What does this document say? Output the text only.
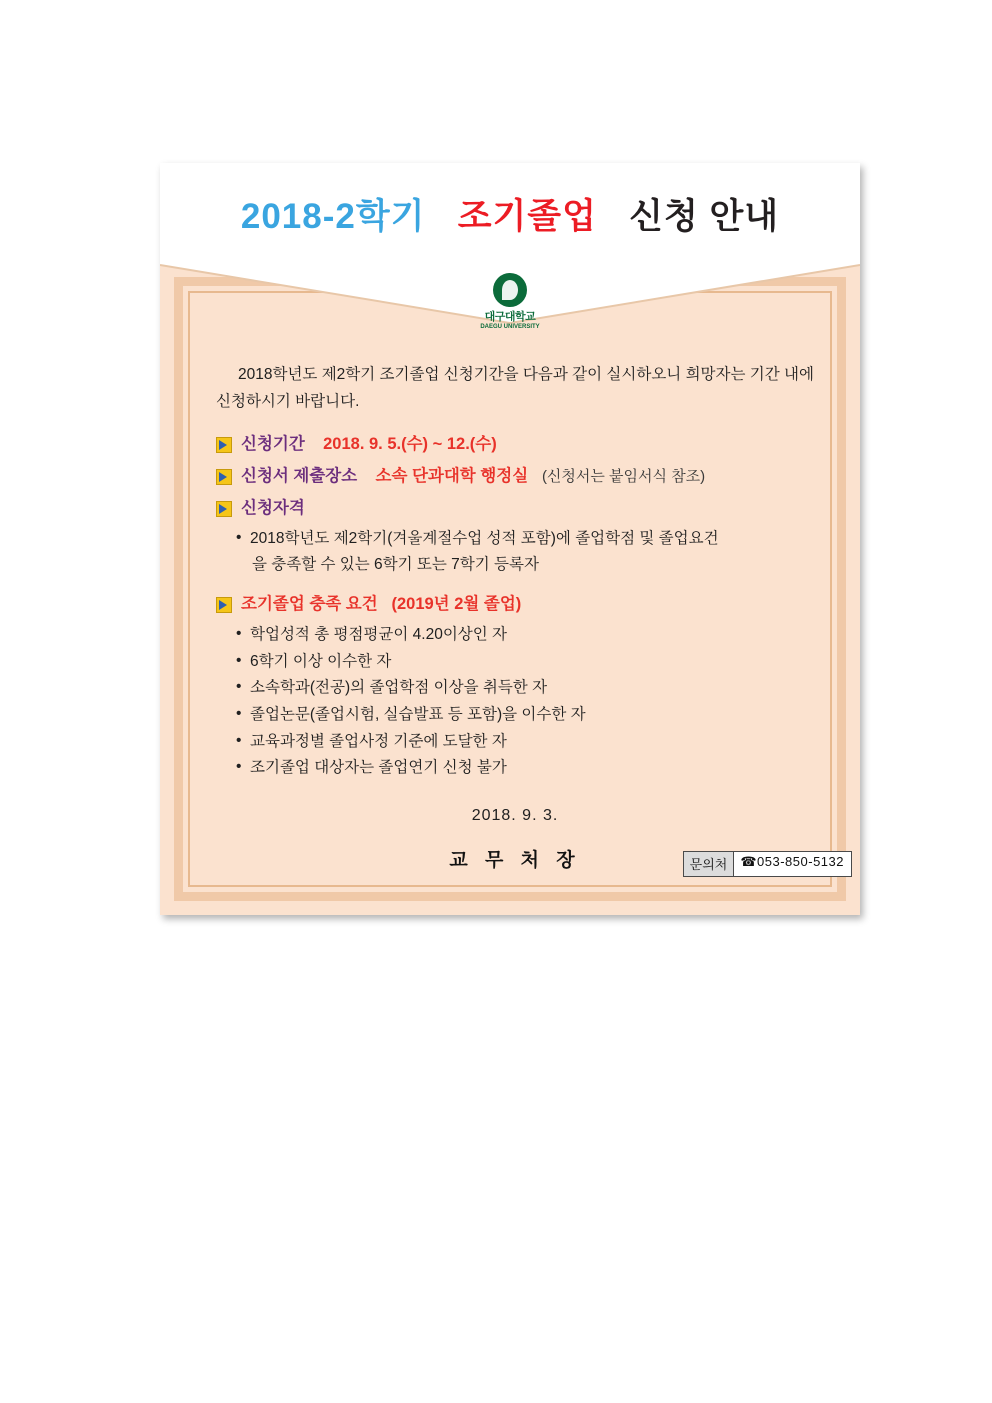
2018-2학기 조기졸업 신청 안내
대구대학교
DAEGU UNIVERSITY

2018학년도 제2학기 조기졸업 신청기간을 다음과 같이 실시하오니 희망자는 기간 내에 신청하시기 바랍니다.

신청기간 2018. 9. 5.(수) ~ 12.(수)
신청서 제출장소 소속 단과대학 행정실 (신청서는 붙임서식 참조)
신청자격
• 2018학년도 제2학기(겨울계절수업 성적 포함)에 졸업학점 및 졸업요건
을 충족할 수 있는 6학기 또는 7학기 등록자
조기졸업 충족 요건 (2019년 2월 졸업)
• 학업성적 총 평점평균이 4.20이상인 자
• 6학기 이상 이수한 자
• 소속학과(전공)의 졸업학점 이상을 취득한 자
• 졸업논문(졸업시험, 실습발표 등 포함)을 이수한 자
• 교육과정별 졸업사정 기준에 도달한 자
• 조기졸업 대상자는 졸업연기 신청 불가
2018. 9. 3.
교 무 처 장	문의처	☎053-850-5132
